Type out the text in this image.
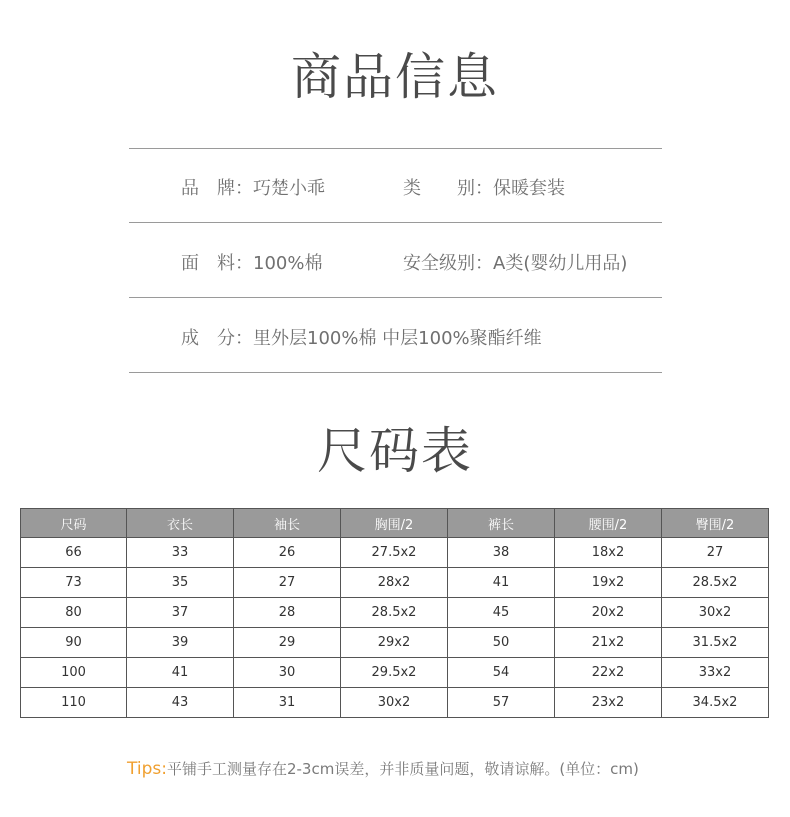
商品信息
品　牌：巧楚小乖	类　　别：保暖套装
面　料：100%棉	安全级别：A类(婴幼儿用品)
成　分：里外层100%棉 中层100%聚酯纤维
尺码表
尺码	衣长	袖长	胸围/2	裤长	腰围/2	臀围/2
66	33	26	27.5x2	38	18x2	27
73	35	27	28x2	41	19x2	28.5x2
80	37	28	28.5x2	45	20x2	30x2
90	39	29	29x2	50	21x2	31.5x2
100	41	30	29.5x2	54	22x2	33x2
110	43	31	30x2	57	23x2	34.5x2
Tips:平铺手工测量存在2-3cm误差，并非质量问题，敬请谅解。(单位：cm)
